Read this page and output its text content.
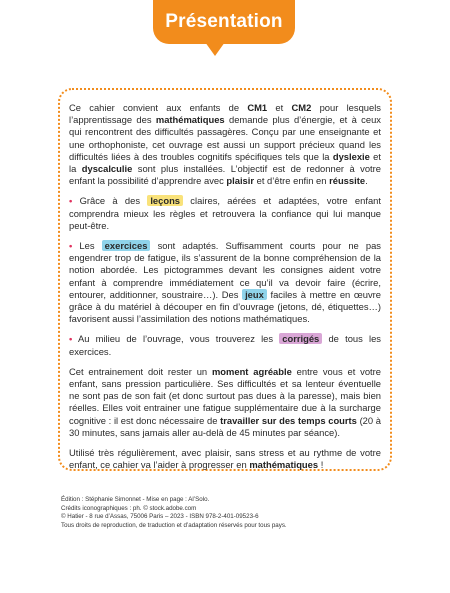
Présentation

Ce cahier convient aux enfants de CM1 et CM2 pour lesquels l’apprentissage des mathématiques demande plus d’énergie, et à ceux qui rencontrent des difficultés passagères. Conçu par une enseignante et une orthophoniste, cet ouvrage est aussi un support précieux quand les difficultés liées à des troubles cognitifs spécifiques tels que la dyslexie et la dyscalculie sont plus installées. L’objectif est de redonner à votre enfant la possibilité d’apprendre avec plaisir et d’être enfin en réussite.

• Grâce à des leçons claires, aérées et adaptées, votre enfant comprendra mieux les règles et retrouvera la confiance qui lui manque peut-être.

• Les exercices sont adaptés. Suffisamment courts pour ne pas engendrer trop de fatigue, ils s’assurent de la bonne compréhension de la notion abordée. Les pictogrammes devant les consignes aident votre enfant à comprendre immédiatement ce qu’il va devoir faire (écrire, entourer, additionner, soustraire…). Des jeux faciles à mettre en œuvre grâce à du matériel à découper en fin d’ouvrage (jetons, dé, étiquettes…) favorisent aussi l’assimilation des notions mathématiques.

• Au milieu de l’ouvrage, vous trouverez les corrigés de tous les exercices.

Cet entrainement doit rester un moment agréable entre vous et votre enfant, sans pression particulière. Ses difficultés et sa lenteur éventuelle ne sont pas de son fait (et donc surtout pas dues à la paresse), mais bien réelles. Elles voit entrainer une fatigue supplémentaire due à la surcharge cognitive : il est donc nécessaire de travailler sur des temps courts (20 à 30 minutes, sans jamais aller au-delà de 45 minutes par séance).

Utilisé très régulièrement, avec plaisir, sans stress et au rythme de votre enfant, ce cahier va l’aider à progresser en mathématiques !

Édition : Stéphanie Simonnet - Mise en page : Al’Solo.
Crédits iconographiques : ph. © stock.adobe.com
© Hatier - 8 rue d’Assas, 75006 Paris – 2023 - ISBN 978-2-401-09523-6
Tous droits de reproduction, de traduction et d’adaptation réservés pour tous pays.
